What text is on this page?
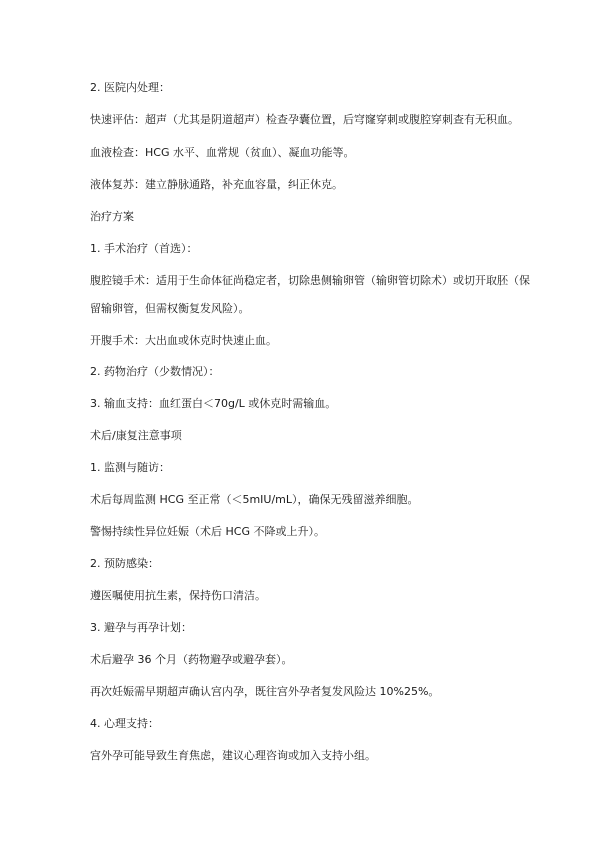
2. 医院内处理：
快速评估：超声（尤其是阴道超声）检查孕囊位置，后穹窿穿刺或腹腔穿刺查有无积血。
血液检查：HCG 水平、血常规（贫血）、凝血功能等。
液体复苏：建立静脉通路，补充血容量，纠正休克。
治疗方案
1. 手术治疗（首选）：
腹腔镜手术：适用于生命体征尚稳定者，切除患侧输卵管（输卵管切除术）或切开取胚（保
留输卵管，但需权衡复发风险）。
开腹手术：大出血或休克时快速止血。
2. 药物治疗（少数情况）：
3. 输血支持：血红蛋白＜70g/L 或休克时需输血。
术后/康复注意事项
1. 监测与随访：
术后每周监测 HCG 至正常（＜5mIU/mL），确保无残留滋养细胞。
警惕持续性异位妊娠（术后 HCG 不降或上升）。
2. 预防感染：
遵医嘱使用抗生素，保持伤口清洁。
3. 避孕与再孕计划：
术后避孕 36 个月（药物避孕或避孕套）。
再次妊娠需早期超声确认宫内孕，既往宫外孕者复发风险达 10%25%。
4. 心理支持：
宫外孕可能导致生育焦虑，建议心理咨询或加入支持小组。
